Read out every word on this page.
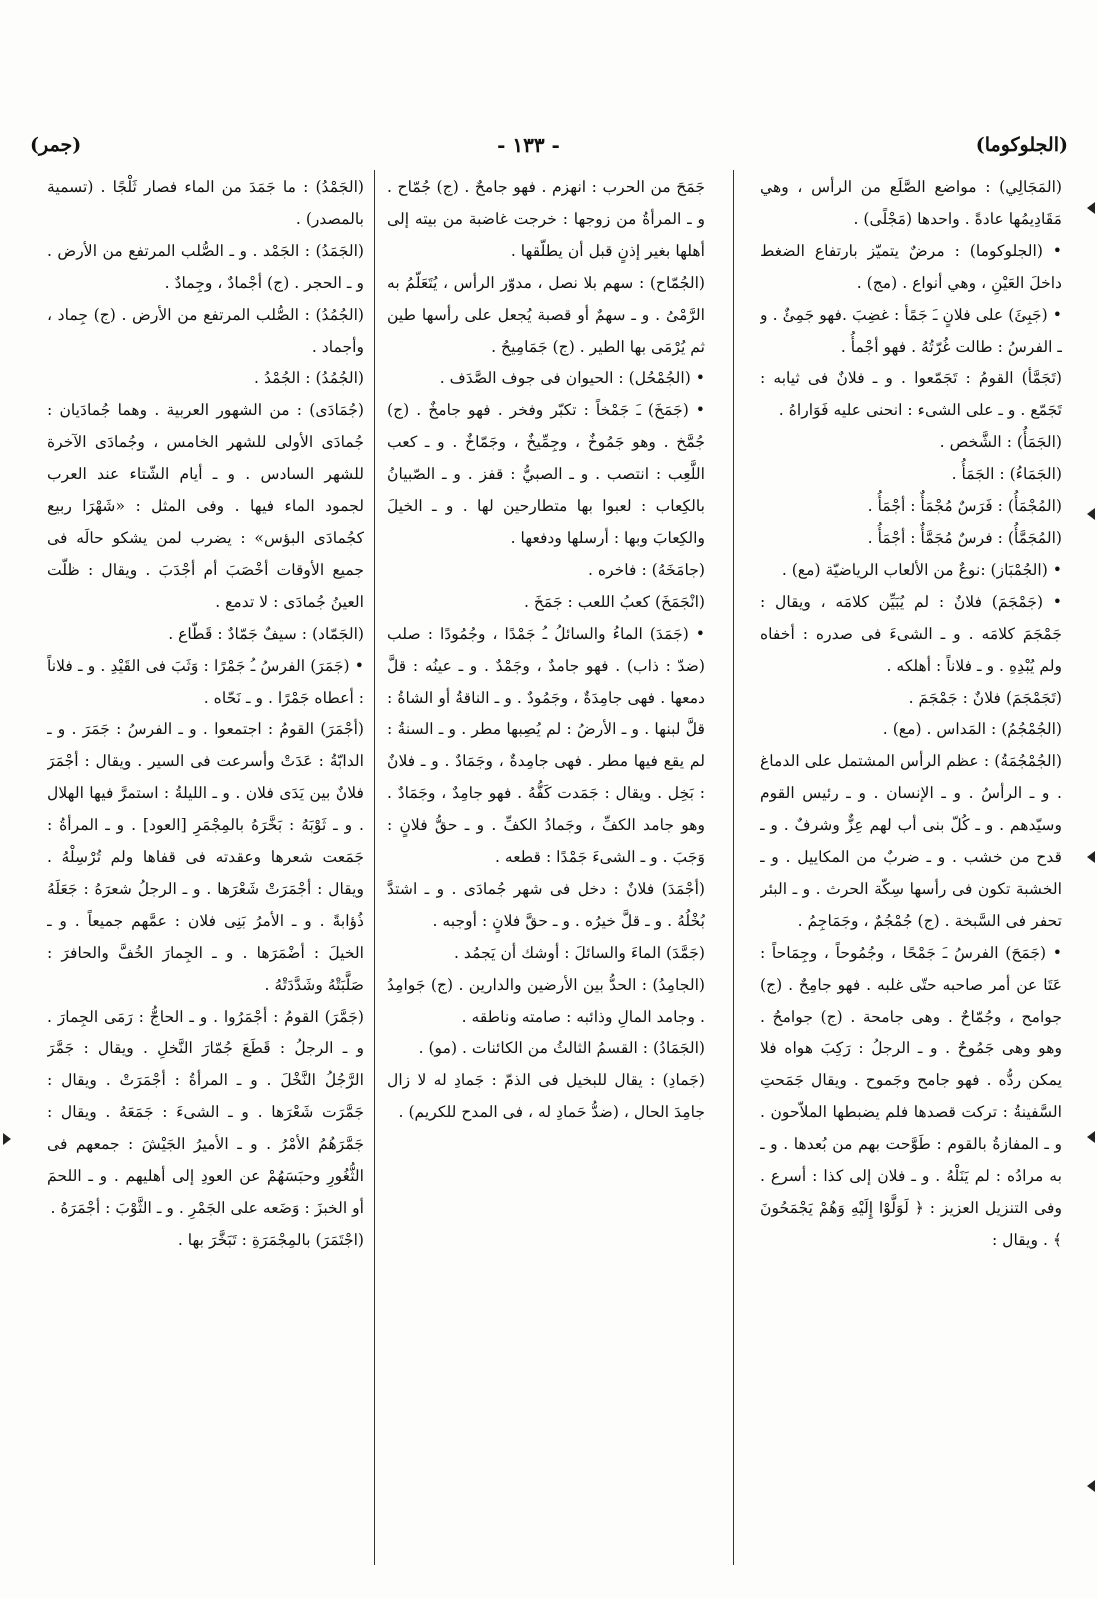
(جمر)	- ١٣٣ -	(الجلوكوما)

(المَجَالِي) : مواضع الصَّلَع من الرأس ، وهي مَقَادِيمُها عادةً . واحدها (مَجْلًى) .

• (الجلوكوما) : مرضٌ يتميّز بارتفاع الضغط داخلَ العَيْنِ ، وهي أنواع . (مج) .

• (جَبِئَ) على فلانٍ ـَ جَمًأ : غضِبَ .فهو جَمِئٌ . و ـ الفرسُ : طالت غُرّتُهُ . فهو أجْمأُ .

(تَجَمَّأ) القومُ : تَجَمّعوا . و ـ فلانٌ فى ثيابه : تَجَمّع . و ـ على الشىء : انحنى عليه فَوَاراهُ .

(الجَمَأُ) : الشَّخص .

(الجَمَاءُ) : الجَمَأُ .

(المُجْمَأُ) : فَرَسٌ مُجْمَأٌ : أجْمَأُ .

(المُجَمَّأُ) : فرسٌ مُجَمَّأٌ : أجْمَأُ .

• (الجُمْبَاز) :نوعٌ من الألعاب الرياضيّة (مع) .

• (جَمْجَمَ) فلانٌ : لم يُبَيِّن كلامَه ، ويقال : جَمْجَمَ كلامَه . و ـ الشىءَ فى صدره : أخفاه ولم يُبْدِهِ . و ـ فلاناً : أهلكه .

(تَجَمْجَمَ) فلانٌ : جَمْجَمَ .

(الجُمْجُمُ) : المَداس . (مع) .

(الجُمْجُمَةُ) : عظم الرأس المشتمل على الدماغ . و ـ الرأسُ . و ـ الإنسان . و ـ رئيس القوم وسيّدهم . و ـ كُلّ بنى أب لهم عِزٌّ وشرفٌ . و ـ قدح من خشب . و ـ ضربٌ من المكاييل . و ـ الخشبة تكون فى رأسها سِكّة الحرث . و ـ البئر تحفر فى السَّبخة . (ج) جُمْجُمٌ ، وجَمَاجِمُ .

• (جَمَحَ) الفرسُ ـَ جَمْحًا ، وجُمُوحاً ، وجِمَاحاً : عَتَا عن أمر صاحبه حتّى غلبه . فهو جامِحٌ . (ج) جوامح ، وجُمّاحٌ . وهى جامحة . (ج) جوامحُ . وهو وهى جَمُوحٌ . و ـ الرجلُ : رَكِبَ هواه فلا يمكن ردُّه . فهو جامح وجَموح . ويقال جَمَحتِ السَّفينةُ : تركت قصدها فلم يضبطها الملاّحون . و ـ المفازةُ بالقوم : طَوَّحت بهم من بُعدها . و ـ به مرادُه : لم يَنَلْهُ . و ـ فلان إلى كذا : أسرع . وفى التنزيل العزيز : ﴿ لَوَلَّوْا إِلَيْهِ وَهُمْ يَجْمَحُونَ ﴾ . ويقال :

جَمَحَ من الحرب : انهزم . فهو جامحٌ . (ج) جُمّاح . و ـ المرأةُ من زوجها : خرجت غاضبة من بيته إلى أهلها بغير إذنٍ قبل أن يطلّقها .

(الجُمّاح) : سهم بلا نصل ، مدوّر الرأس ، يُتَعَلّمُ به الرَّمْىُ . و ـ سهمٌ أو قصبة يُجعل على رأسها طين ثم يُرْمَى بها الطير . (ج) جَمَامِيحُ .

• (الجُمْحُل) : الحيوان فى جوف الصَّدَف .

• (جَمَخَ) ـَ جَمْخاً : تكبّر وفخر . فهو جامخٌ . (ج) جُمَّخ . وهو جَمُوخٌ ، وجِمِّيخٌ ، وجَمّاخٌ . و ـ كعب اللَّعِب : انتصب . و ـ الصبيُّ : قفز . و ـ الصّبيانُ بالكِعاب : لعبوا بها متطارحين لها . و ـ الخيلَ والكِعابَ وبها : أرسلها ودفعها .

(جامَخَهُ) : فاخره .

(انْجَمَخَ) كعبُ اللعب : جَمَخَ .

• (جَمَدَ) الماءُ والسائلُ ـُ جَمْدًا ، وجُمُودًا : صلب (ضدّ : ذاب) . فهو جامدٌ ، وجَمْدٌ . و ـ عينُه : قلَّ دمعها . فهى جامِدَةٌ ، وجَمُودٌ . و ـ الناقةُ أو الشاةُ : قلَّ لبنها . و ـ الأرضُ : لم يُصِبها مطر . و ـ السنةُ : لم يقع فيها مطر . فهى جامِدةٌ ، وجَمَادٌ . و ـ فلانٌ : بَخِل . ويقال : جَمَدت كَفُّهُ . فهو جامِدٌ ، وجَمَادٌ . وهو جامد الكفِّ ، وجَمادُ الكفِّ . و ـ حقُّ فلانٍ : وَجَبَ . و ـ الشىءَ جَمْدًا : قطعه .

(أجْمَدَ) فلانٌ : دخل فى شهر جُمادَى . و ـ اشتدَّ بُخْلُهُ . و ـ قلَّ خيرُه . و ـ حقَّ فلانٍ : أوجبه .

(جَمَّدَ) الماءَ والسائلَ : أوشك أن يَجمُد .

(الجامِدُ) : الحدُّ بين الأرضين والدارين . (ج) جَوامِدُ . وجامد المالِ وذائبه : صامته وناطقه .

(الجَمَادُ) : القسمُ الثالثُ من الكائنات . (مو) .

(جَمادِ) : يقال للبخيل فى الذمّ : جَمادِ له لا زال جامِدَ الحال ، (ضدُّ حَمادِ له ، فى المدح للكريم) .

(الجَمْدُ) : ما جَمَدَ من الماء فصار ثَلْجًا . (تسمية بالمصدر) .

(الجَمَدُ) : الجَمْد . و ـ الصُّلب المرتفع من الأرض . و ـ الحجر . (ج) أجْمادٌ ، وجِمادٌ .

(الجُمُدُ) : الصُّلب المرتفع من الأرض . (ج) جِماد ، وأجماد .

(الجُمُدُ) : الجُمْدُ .

(جُمَادَى) : من الشهور العربية . وهما جُمادَيان : جُمادَى الأولى للشهر الخامس ، وجُمادَى الآخرة للشهر السادس . و ـ أيام الشّتاء عند العرب لجمود الماء فيها . وفى المثل : «شَهْرَا ربيع كجُمادَى البؤس» : يضرب لمن يشكو حالَه فى جميع الأوقات أخْصَبَ أم أجْدَبَ . ويقال : ظلّت العينُ جُمادَى : لا تدمع .

(الجَمّاد) : سيفٌ جَمّادٌ : قَطّاع .

• (جَمَرَ) الفرسُ ـُ جَمْرًا : وَثَبَ فى القَيْدِ . و ـ فلاناً : أعطاه جَمْرًا . و ـ نَحّاه .

(أجْمَرَ) القومُ : اجتمعوا . و ـ الفرسُ : جَمَرَ . و ـ الدابّةُ : عَدَتْ وأسرعت فى السير . ويقال : أجْمَرَ فلانٌ بين يَدَى فلان . و ـ الليلةُ : استمرَّ فيها الهلال . و ـ ثَوْبَهُ : بَخَّرَهُ بالمِجْمَرِ [العود] . و ـ المرأةُ : جَمَعت شعرها وعقدته فى قفاها ولم تُرْسِلْهُ . ويقال : أجْمَرَتْ شَعْرَها . و ـ الرجلُ شعرَهُ : جَعَلَهُ ذُؤابةً . و ـ الأمرُ بَنِى فلان : عمَّهم جميعاً . و ـ الخيلَ : أضْمَرَها . و ـ الجِمارَ الخُفَّ والحافرَ : صَلَّبَتْهُ وشَدَّدَتْهُ .

(جَمَّرَ) القومُ : أجْمَرُوا . و ـ الحاجُّ : رَمَى الجِمارَ . و ـ الرجلُ : قَطَعَ جُمّارَ النَّخلِ . ويقال : جَمَّرَ الرَّجُلُ النَّخْلَ . و ـ المرأةُ : أجْمَرَتْ . ويقال : جَمَّرَت شَعْرَها . و ـ الشىءَ : جَمَعَهُ . ويقال : جَمَّرَهُمُ الأمْرُ . و ـ الأميرُ الجَيْشَ : جمعهم فى الثُّغُورِ وحبَسَهُمْ عن العودِ إلى أهليهم . و ـ اللحمَ أو الخبزَ : وَضَعه على الجَمْرِ . و ـ الثَّوْبَ : أجْمَرَهُ .

(اجْتَمَرَ) بالمِجْمَرَةِ : تَبَخَّرَ بها .
